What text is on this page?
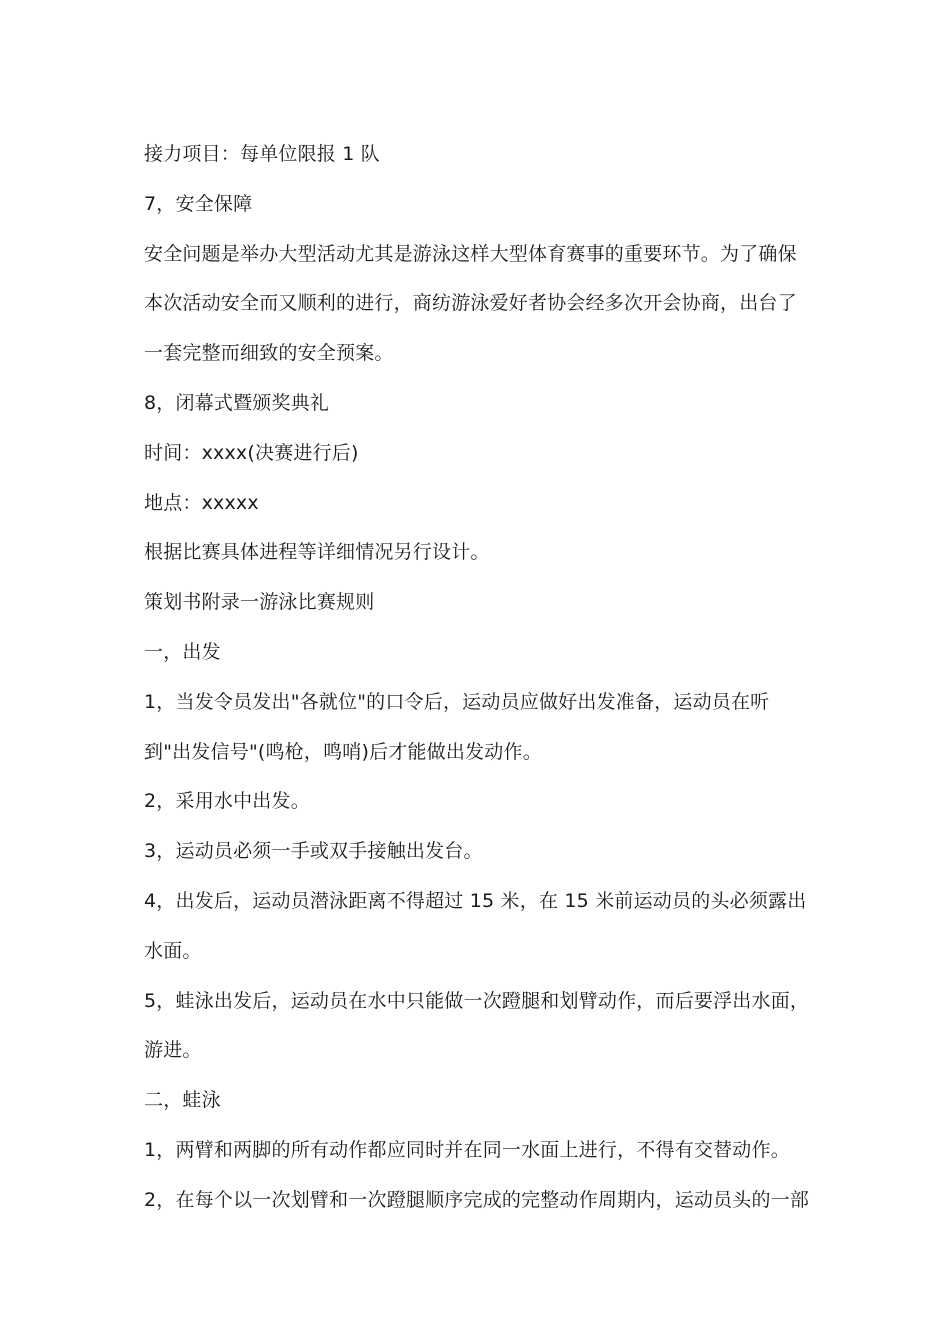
接力项目：每单位限报 1 队

7，安全保障

安全问题是举办大型活动尤其是游泳这样大型体育赛事的重要环节。为了确保

本次活动安全而又顺利的进行，商纺游泳爱好者协会经多次开会协商，出台了

一套完整而细致的安全预案。

8，闭幕式暨颁奖典礼

时间：xxxx(决赛进行后)

地点：xxxxx

根据比赛具体进程等详细情况另行设计。

策划书附录一游泳比赛规则

一，出发

1，当发令员发出"各就位"的口令后，运动员应做好出发准备，运动员在听

到"出发信号"(鸣枪，鸣哨)后才能做出发动作。

2，采用水中出发。

3，运动员必须一手或双手接触出发台。

4，出发后，运动员潜泳距离不得超过 15 米，在 15 米前运动员的头必须露出

水面。

5，蛙泳出发后，运动员在水中只能做一次蹬腿和划臂动作，而后要浮出水面，

游进。

二，蛙泳

1，两臂和两脚的所有动作都应同时并在同一水面上进行，不得有交替动作。

2，在每个以一次划臂和一次蹬腿顺序完成的完整动作周期内，运动员头的一部
